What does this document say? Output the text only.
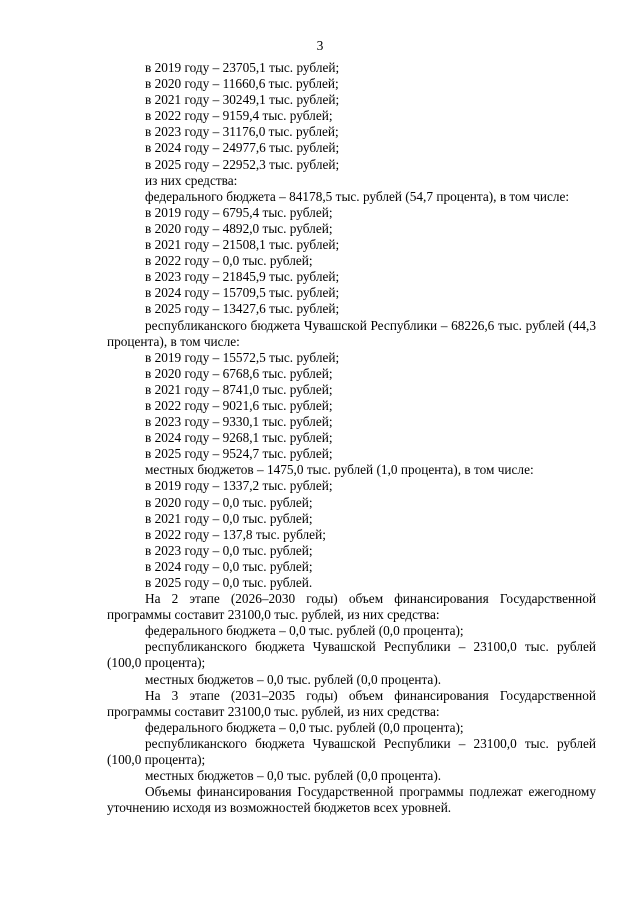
3

в 2019 году – 23705,1 тыс. рублей;

в 2020 году – 11660,6 тыс. рублей;

в 2021 году – 30249,1 тыс. рублей;

в 2022 году – 9159,4 тыс. рублей;

в 2023 году – 31176,0 тыс. рублей;

в 2024 году – 24977,6 тыс. рублей;

в 2025 году – 22952,3 тыс. рублей;

из них средства:

федерального бюджета – 84178,5 тыс. рублей (54,7 процента), в том числе:

в 2019 году – 6795,4 тыс. рублей;

в 2020 году – 4892,0 тыс. рублей;

в 2021 году – 21508,1 тыс. рублей;

в 2022 году – 0,0 тыс. рублей;

в 2023 году – 21845,9 тыс. рублей;

в 2024 году – 15709,5 тыс. рублей;

в 2025 году – 13427,6 тыс. рублей;

республиканского бюджета Чувашской Республики – 68226,6 тыс. рублей (44,3 процента), в том числе:

в 2019 году – 15572,5 тыс. рублей;

в 2020 году – 6768,6 тыс. рублей;

в 2021 году – 8741,0 тыс. рублей;

в 2022 году – 9021,6 тыс. рублей;

в 2023 году – 9330,1 тыс. рублей;

в 2024 году – 9268,1 тыс. рублей;

в 2025 году – 9524,7 тыс. рублей;

местных бюджетов – 1475,0 тыс. рублей (1,0 процента), в том числе:

в 2019 году – 1337,2 тыс. рублей;

в 2020 году – 0,0 тыс. рублей;

в 2021 году – 0,0 тыс. рублей;

в 2022 году – 137,8 тыс. рублей;

в 2023 году – 0,0 тыс. рублей;

в 2024 году – 0,0 тыс. рублей;

в 2025 году – 0,0 тыс. рублей.

На 2 этапе (2026–2030 годы) объем финансирования Государственной программы составит 23100,0 тыс. рублей, из них средства:

федерального бюджета – 0,0 тыс. рублей (0,0 процента);

республиканского бюджета Чувашской Республики – 23100,0 тыс. рублей (100,0 процента);

местных бюджетов – 0,0 тыс. рублей (0,0 процента).

На 3 этапе (2031–2035 годы) объем финансирования Государственной программы составит 23100,0 тыс. рублей, из них средства:

федерального бюджета – 0,0 тыс. рублей (0,0 процента);

республиканского бюджета Чувашской Республики – 23100,0 тыс. рублей (100,0 процента);

местных бюджетов – 0,0 тыс. рублей (0,0 процента).

Объемы финансирования Государственной программы подлежат ежегодному уточнению исходя из возможностей бюджетов всех уровней.
